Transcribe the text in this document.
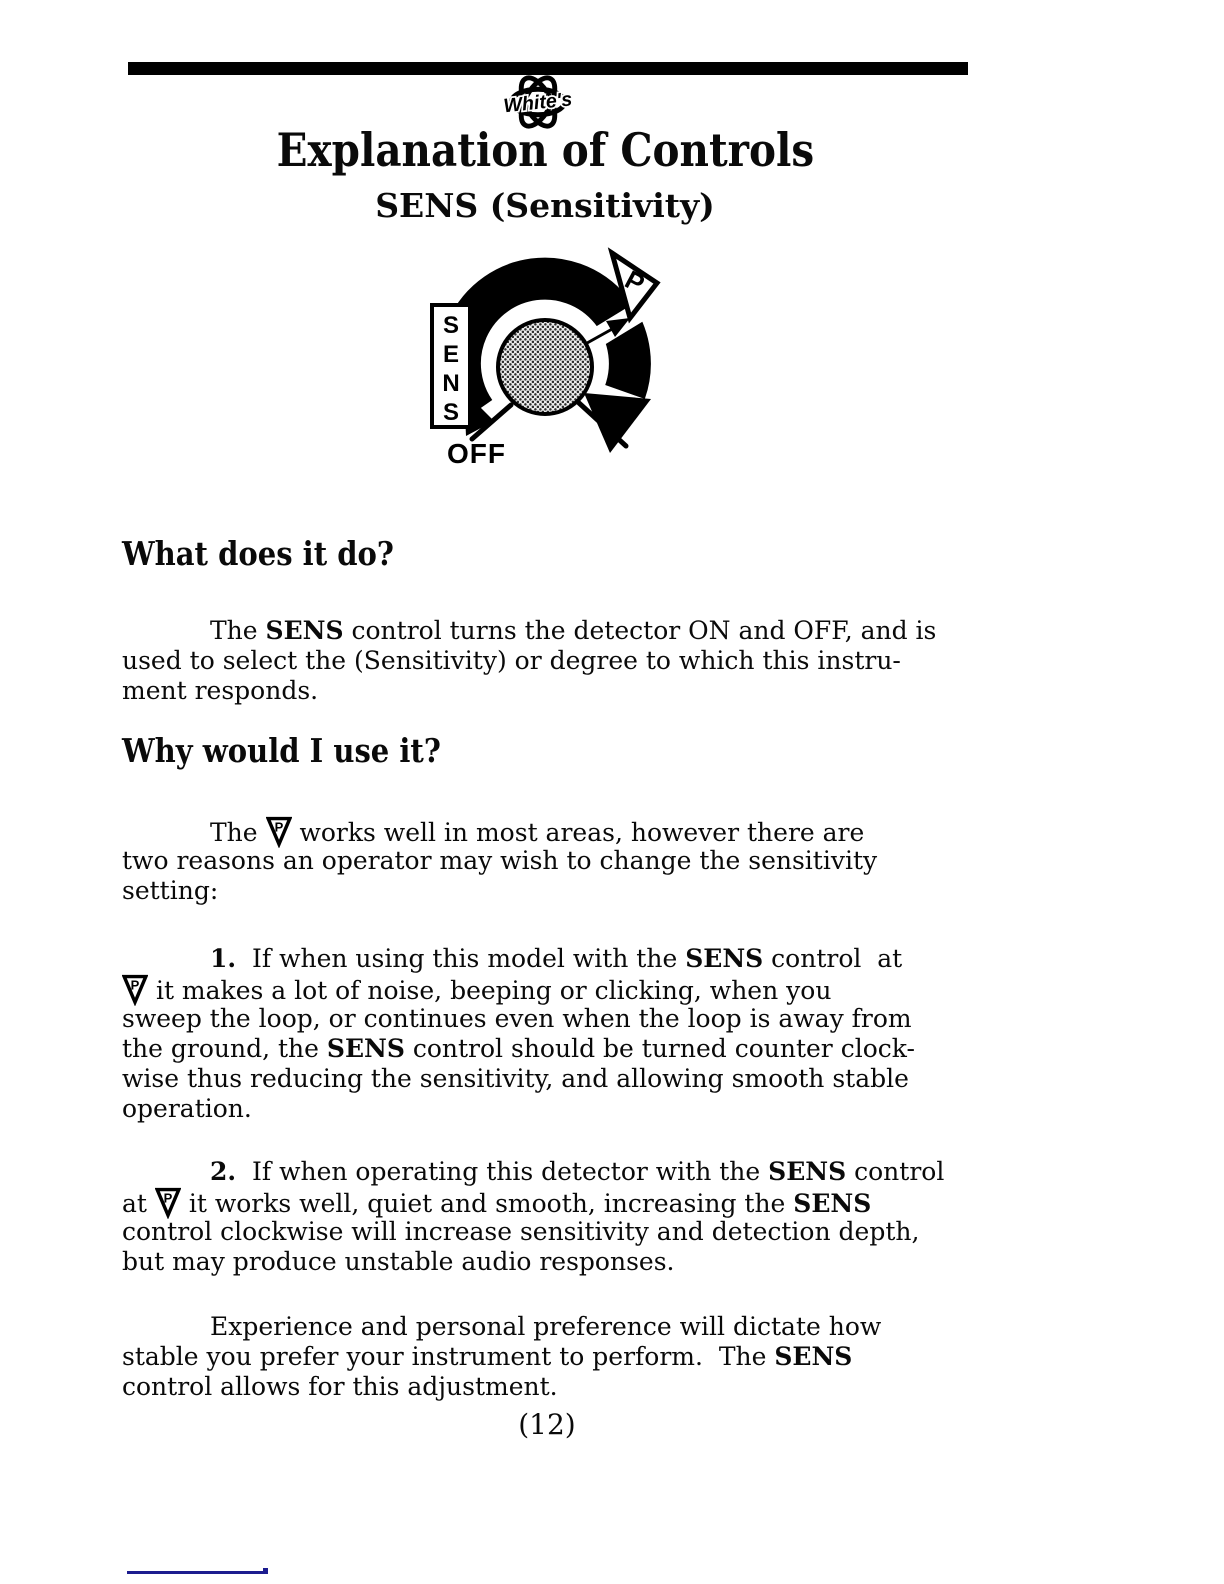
White's
Explanation of Controls
SENS (Sensitivity)
S
E
N
S
OFF
P
What does it do?
The SENS control turns the detector ON and OFF, and is
used to select the (Sensitivity) or degree to which this instru-
ment responds.
Why would I use it?
The P works well in most areas, however there are
two reasons an operator may wish to change the sensitivity
setting:
1.  If when using this model with the SENS control  at
P it makes a lot of noise, beeping or clicking, when you
sweep the loop, or continues even when the loop is away from
the ground, the SENS control should be turned counter clock-
wise thus reducing the sensitivity, and allowing smooth stable
operation.
2.  If when operating this detector with the SENS control
at P it works well, quiet and smooth, increasing the SENS
control clockwise will increase sensitivity and detection depth,
but may produce unstable audio responses.
Experience and personal preference will dictate how
stable you prefer your instrument to perform.  The SENS
control allows for this adjustment.
(12)
